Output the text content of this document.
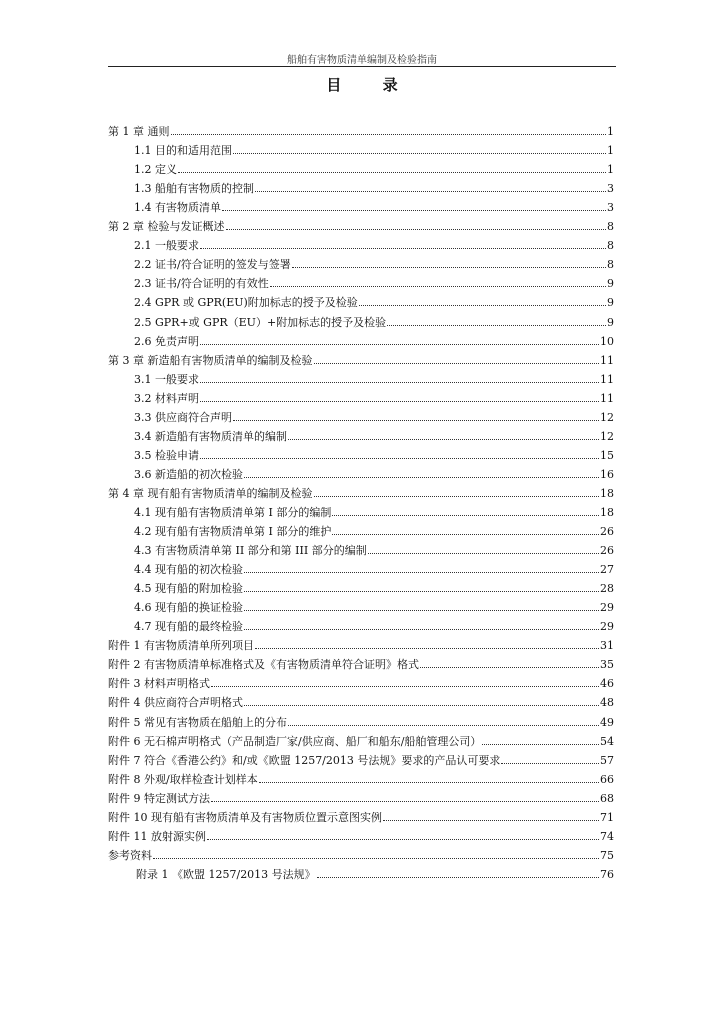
船舶有害物质清单编制及检验指南
目 录
第 1 章 通则	1
1.1 目的和适用范围	1
1.2 定义	1
1.3 船舶有害物质的控制	3
1.4 有害物质清单	3
第 2 章 检验与发证概述	8
2.1 一般要求	8
2.2 证书/符合证明的签发与签署	8
2.3 证书/符合证明的有效性	9
2.4 GPR 或 GPR(EU)附加标志的授予及检验	9
2.5 GPR+或 GPR（EU）+附加标志的授予及检验	9
2.6 免责声明	10
第 3 章 新造船有害物质清单的编制及检验	11
3.1 一般要求	11
3.2 材料声明	11
3.3 供应商符合声明	12
3.4 新造船有害物质清单的编制	12
3.5 检验申请	15
3.6 新造船的初次检验	16
第 4 章 现有船有害物质清单的编制及检验	18
4.1 现有船有害物质清单第 I 部分的编制	18
4.2 现有船有害物质清单第 I 部分的维护	26
4.3 有害物质清单第 II 部分和第 III 部分的编制	26
4.4 现有船的初次检验	27
4.5 现有船的附加检验	28
4.6 现有船的换证检验	29
4.7 现有船的最终检验	29
附件 1 有害物质清单所列项目	31
附件 2 有害物质清单标准格式及《有害物质清单符合证明》格式	35
附件 3 材料声明格式	46
附件 4 供应商符合声明格式	48
附件 5 常见有害物质在船舶上的分布	49
附件 6 无石棉声明格式（产品制造厂家/供应商、船厂和船东/船舶管理公司）	54
附件 7 符合《香港公约》和/或《欧盟 1257/2013 号法规》要求的产品认可要求	57
附件 8 外观/取样检查计划样本	66
附件 9 特定测试方法	68
附件 10 现有船有害物质清单及有害物质位置示意图实例	71
附件 11 放射源实例	74
参考资料	75
附录 1 《欧盟 1257/2013 号法规》	76
